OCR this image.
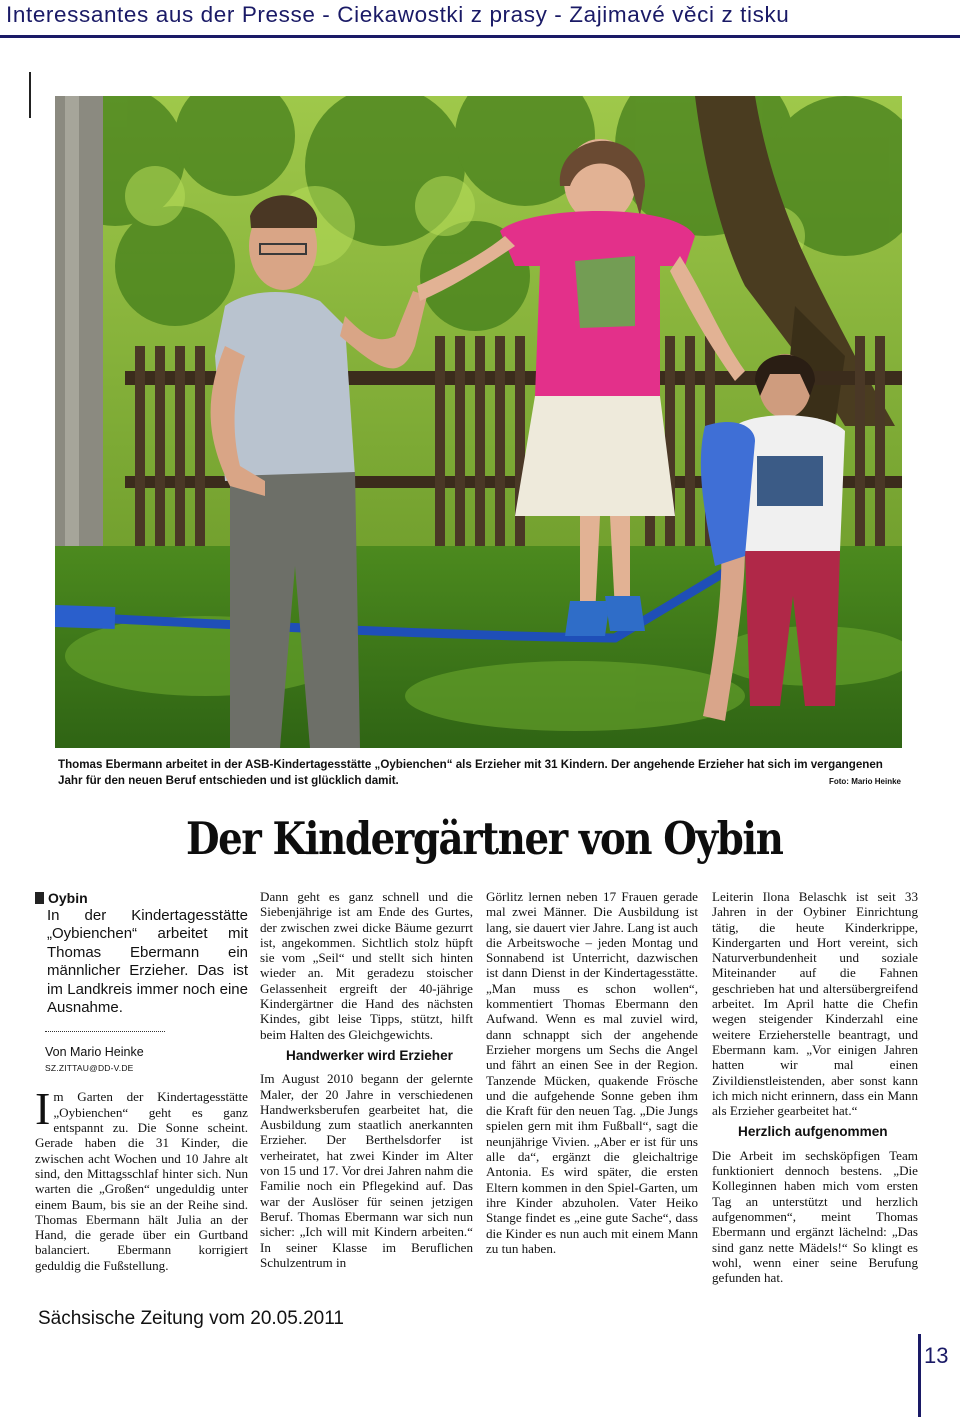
Interessantes aus der Presse - Ciekawostki z prasy - Zajimavé věci z tisku
Thomas Ebermann arbeitet in der ASB-Kindertagesstätte „Oybienchen“ als Erzieher mit 31 Kindern. Der angehende Erzieher hat sich im vergangenen Jahr für den neuen Beruf entschieden und ist glücklich damit.	Foto: Mario Heinke
Der Kindergärtner von Oybin
Oybin
In der Kindertagesstätte „Oybienchen“ arbeitet mit Thomas Ebermann ein männlicher Erzieher. Das ist im Landkreis immer noch eine Ausnahme.
Von Mario Heinke
SZ.ZITTAU@DD-V.DE

Im Garten der Kindertagesstätte „Oybienchen“ geht es ganz entspannt zu. Die Sonne scheint. Gerade haben die 31 Kinder, die zwischen acht Wochen und 10 Jahre alt sind, den Mittagsschlaf hinter sich. Nun warten die „Großen“ ungeduldig unter einem Baum, bis sie an der Reihe sind. Thomas Ebermann hält Julia an der Hand, die gerade über ein Gurtband balanciert. Ebermann korrigiert geduldig die Fußstellung.

Dann geht es ganz schnell und die Siebenjährige ist am Ende des Gurtes, der zwischen zwei dicke Bäume gezurrt ist, angekommen. Sichtlich stolz hüpft sie vom „Seil“ und stellt sich hinten wieder an. Mit geradezu stoischer Gelassenheit ergreift der 40-jährige Kindergärtner die Hand des nächsten Kindes, gibt leise Tipps, stützt, hilft beim Halten des Gleichgewichts.

Handwerker wird Erzieher

Im August 2010 begann der gelernte Maler, der 20 Jahre in verschiedenen Handwerksberufen gearbeitet hat, die Ausbildung zum staatlich anerkannten Erzieher. Der Berthelsdorfer ist verheiratet, hat zwei Kinder im Alter von 15 und 17. Vor drei Jahren nahm die Familie noch ein Pflegekind auf. Das war der Auslöser für seinen jetzigen Beruf. Thomas Ebermann war sich nun sicher: „Ich will mit Kindern arbeiten.“ In seiner Klasse im Beruflichen Schulzentrum in

Görlitz lernen neben 17 Frauen gerade mal zwei Männer. Die Ausbildung ist lang, sie dauert vier Jahre. Lang ist auch die Arbeitswoche – jeden Montag und Sonnabend ist Unterricht, dazwischen ist dann Dienst in der Kindertagesstätte. „Man muss es schon wollen“, kommentiert Thomas Ebermann den Aufwand. Wenn es mal zuviel wird, dann schnappt sich der angehende Erzieher morgens um Sechs die Angel und fährt an einen See in der Region. Tanzende Mücken, quakende Frösche und die aufgehende Sonne geben ihm die Kraft für den neuen Tag. „Die Jungs spielen gern mit ihm Fußball“, sagt die neunjährige Vivien. „Aber er ist für uns alle da“, ergänzt die gleichaltrige Antonia. Es wird später, die ersten Eltern kommen in den Spiel-Garten, um ihre Kinder abzuholen. Vater Heiko Stange findet es „eine gute Sache“, dass die Kinder es nun auch mit einem Mann zu tun haben.

Leiterin Ilona Belaschk ist seit 33 Jahren in der Oybiner Einrichtung tätig, die heute Kinderkrippe, Kindergarten und Hort vereint, sich Naturverbundenheit und soziale Miteinander auf die Fahnen geschrieben hat und altersübergreifend arbeitet. Im April hatte die Chefin wegen steigender Kinderzahl eine weitere Erzieherstelle beantragt, und Ebermann kam. „Vor einigen Jahren hatten wir mal einen Zivildienstleistenden, aber sonst kann ich mich nicht erinnern, dass ein Mann als Erzieher gearbeitet hat.“

Herzlich aufgenommen

Die Arbeit im sechsköpfigen Team funktioniert dennoch bestens. „Die Kolleginnen haben mich vom ersten Tag an unterstützt und herzlich aufgenommen“, meint Thomas Ebermann und ergänzt lächelnd: „Das sind ganz nette Mädels!“ So klingt es wohl, wenn einer seine Berufung gefunden hat.

Sächsische Zeitung vom 20.05.2011
13
